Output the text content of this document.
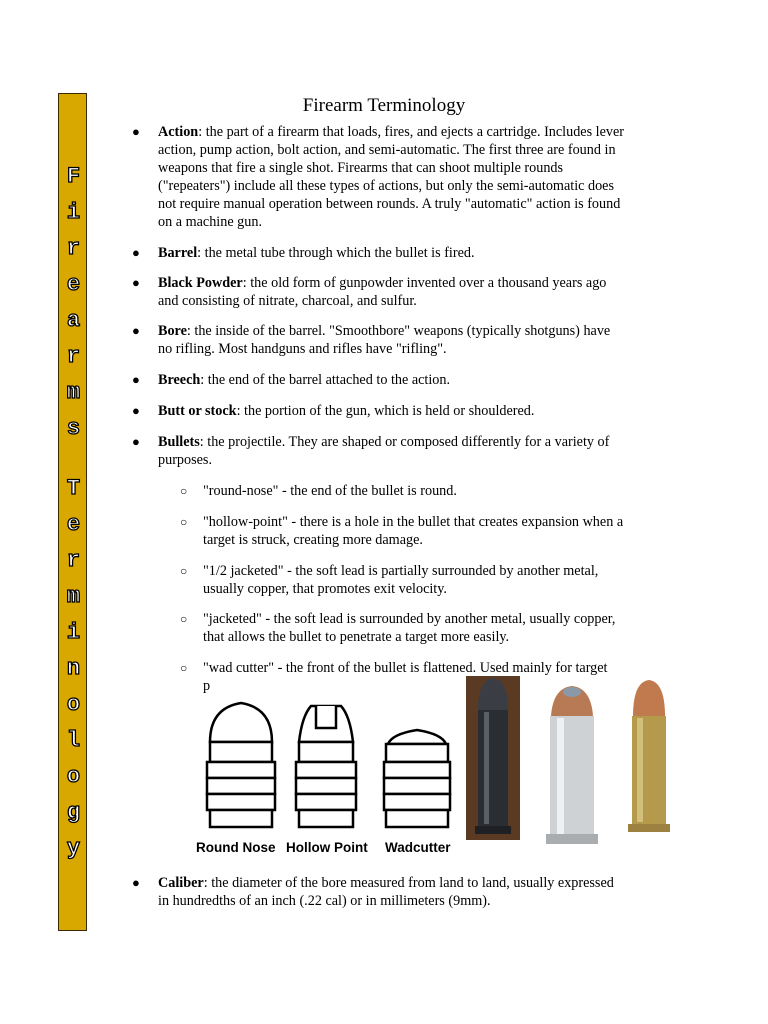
F
i
r
e
a
r
m
s
T
e
r
m
i
n
o
l
o
g
y
Firearm Terminology
● Action: the part of a firearm that loads, fires, and ejects a cartridge. Includes lever
action, pump action, bolt action, and semi-automatic. The first three are found in
weapons that fire a single shot. Firearms that can shoot multiple rounds
("repeaters") include all these types of actions, but only the semi-automatic does
not require manual operation between rounds. A truly "automatic" action is found
on a machine gun.
● Barrel: the metal tube through which the bullet is fired.
● Black Powder: the old form of gunpowder invented over a thousand years ago
and consisting of nitrate, charcoal, and sulfur.
● Bore: the inside of the barrel. "Smoothbore" weapons (typically shotguns) have
no rifling. Most handguns and rifles have "rifling".
● Breech: the end of the barrel attached to the action.
● Butt or stock: the portion of the gun, which is held or shouldered.
● Bullets: the projectile. They are shaped or composed differently for a variety of
purposes.
○ "round-nose" - the end of the bullet is round.
○ "hollow-point" - there is a hole in the bullet that creates expansion when a
target is struck, creating more damage.
○ "1/2 jacketed" - the soft lead is partially surrounded by another metal,
usually copper, that promotes exit velocity.
○ "jacketed" - the soft lead is surrounded by another metal, usually copper,
that allows the bullet to penetrate a target more easily.
○ "wad cutter" - the front of the bullet is flattened. Used mainly for target
p
Round Nose Hollow Point Wadcutter
● Caliber: the diameter of the bore measured from land to land, usually expressed
in hundredths of an inch (.22 cal) or in millimeters (9mm).
